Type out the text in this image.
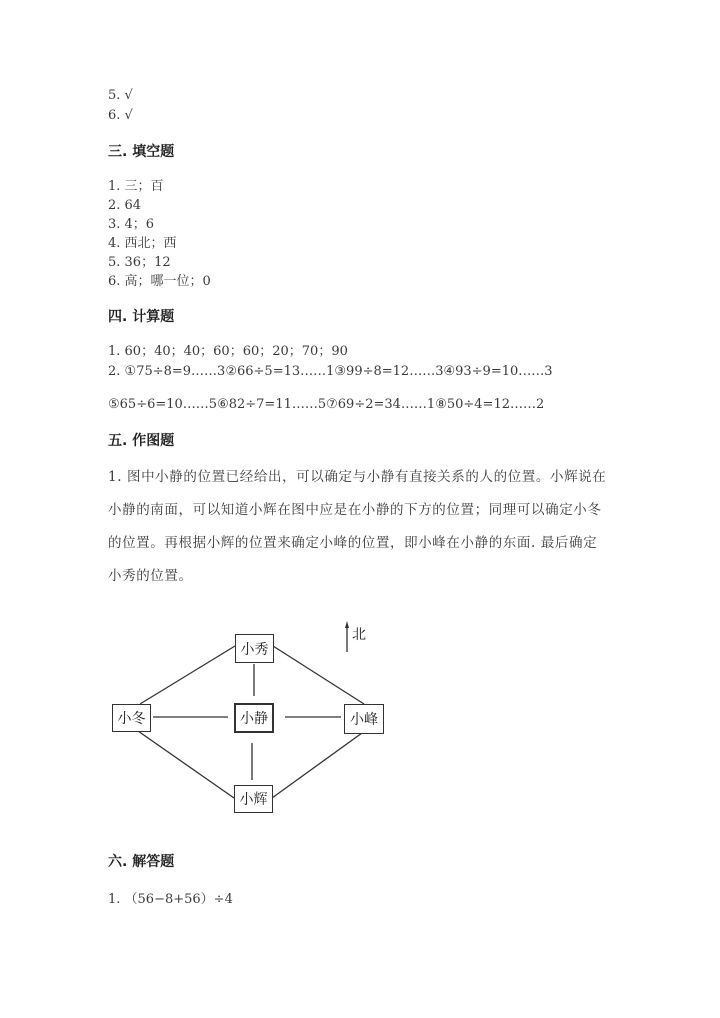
5. √
6. √
三. 填空题
1. 三；百
2. 64
3. 4；6
4. 西北；西
5. 36；12
6. 高；哪一位；0
四. 计算题
1. 60；40；40；60；60；20；70；90
2. ①75÷8=9……3②66÷5=13……1③99÷8=12……3④93÷9=10……3
⑤65÷6=10……5⑥82÷7=11……5⑦69÷2=34……1⑧50÷4=12……2
五. 作图题
1. 图中小静的位置已经给出，可以确定与小静有直接关系的人的位置。小辉说在小静的南面，可以知道小辉在图中应是在小静的下方的位置；同理可以确定小冬的位置。再根据小辉的位置来确定小峰的位置，即小峰在小静的东面. 最后确定小秀的位置。
北
小秀
小冬	小静	小峰
小辉
六. 解答题
1. （56−8+56）÷4
